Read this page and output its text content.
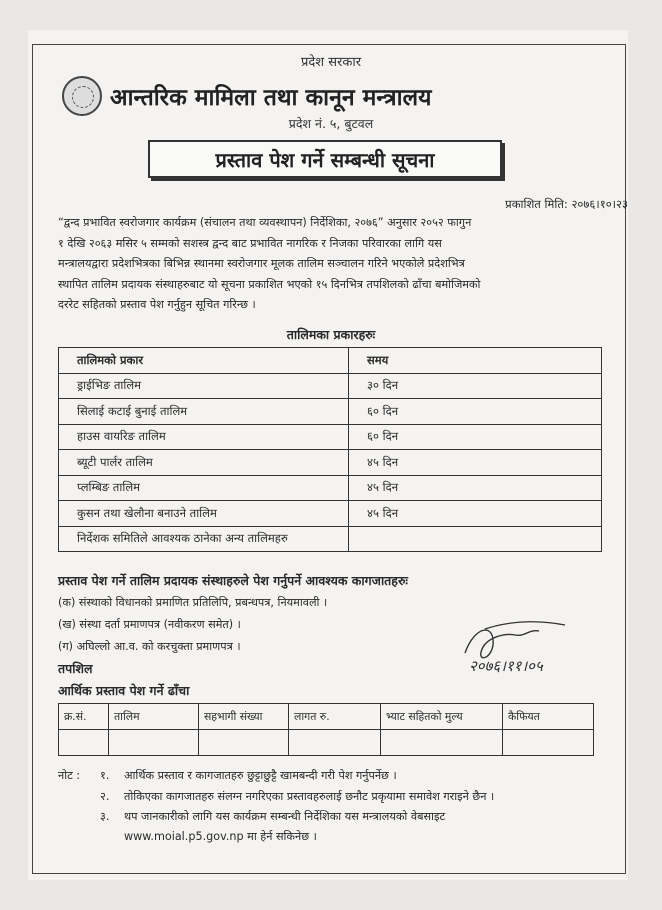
प्रदेश सरकार
आन्तरिक मामिला तथा कानून मन्त्रालय
प्रदेश नं. ५, बुटवल
प्रस्ताव पेश गर्ने सम्बन्धी सूचना
प्रकाशित मिति: २०७६।१०।२३
“द्वन्द प्रभावित स्वरोजगार कार्यक्रम (संचालन तथा व्यवस्थापन) निर्देशिका, २०७६” अनुसार २०५२ फागुन
१ देखि २०६३ मसिर ५ सम्मको सशस्त्र द्वन्द बाट प्रभावित नागरिक र निजका परिवारका लागि यस
मन्त्रालयद्वारा प्रदेशभित्रका बिभिन्न स्थानमा स्वरोजगार मूलक तालिम सञ्चालन गरिने भएकोले प्रदेशभित्र
स्थापित तालिम प्रदायक संस्थाहरुबाट यो सूचना प्रकाशित भएको १५ दिनभित्र तपशिलको ढाँचा बमोजिमको
दररेट सहितको प्रस्ताव पेश गर्नुहुन सूचित गरिन्छ ।
तालिमका प्रकारहरुः
तालिमको प्रकार	समय
ड्राईभिङ तालिम	३० दिन
सिलाई कटाई बुनाई तालिम	६० दिन
हाउस वायरिङ तालिम	६० दिन
ब्यूटी पार्लर तालिम	४५ दिन
प्लम्बिङ तालिम	४५ दिन
कुसन तथा खेलौना बनाउने तालिम	४५ दिन
निर्देशक समितिले आवश्यक ठानेका अन्य तालिमहरु	
प्रस्ताव पेश गर्ने तालिम प्रदायक संस्थाहरुले पेश गर्नुपर्ने आवश्यक कागजातहरुः
(क) संस्थाको विधानको प्रमाणित प्रतिलिपि, प्रबन्धपत्र, नियमावली ।
(ख) संस्था दर्ता प्रमाणपत्र (नवीकरण समेत) ।
(ग) अघिल्लो आ.व. को करचुक्ता प्रमाणपत्र ।
२०७६।११।०५
तपशिल
आर्थिक प्रस्ताव पेश गर्ने ढाँचा
क्र.सं.	तालिम	सहभागी संख्या	लागत रु.	भ्याट सहितको मुल्य	कैफियत

नोट : १. आर्थिक प्रस्ताव र कागजातहरु छुट्टाछुट्टै खामबन्दी गरी पेश गर्नुपर्नेछ ।
२. तोकिएका कागजातहरु संलग्न नगरिएका प्रस्तावहरुलाई छनौट प्रकृयामा समावेश गराइने छैन ।
३. थप जानकारीको लागि यस कार्यक्रम सम्बन्धी निर्देशिका यस मन्त्रालयको वेबसाइट
www.moial.p5.gov.np मा हेर्न सकिनेछ ।
